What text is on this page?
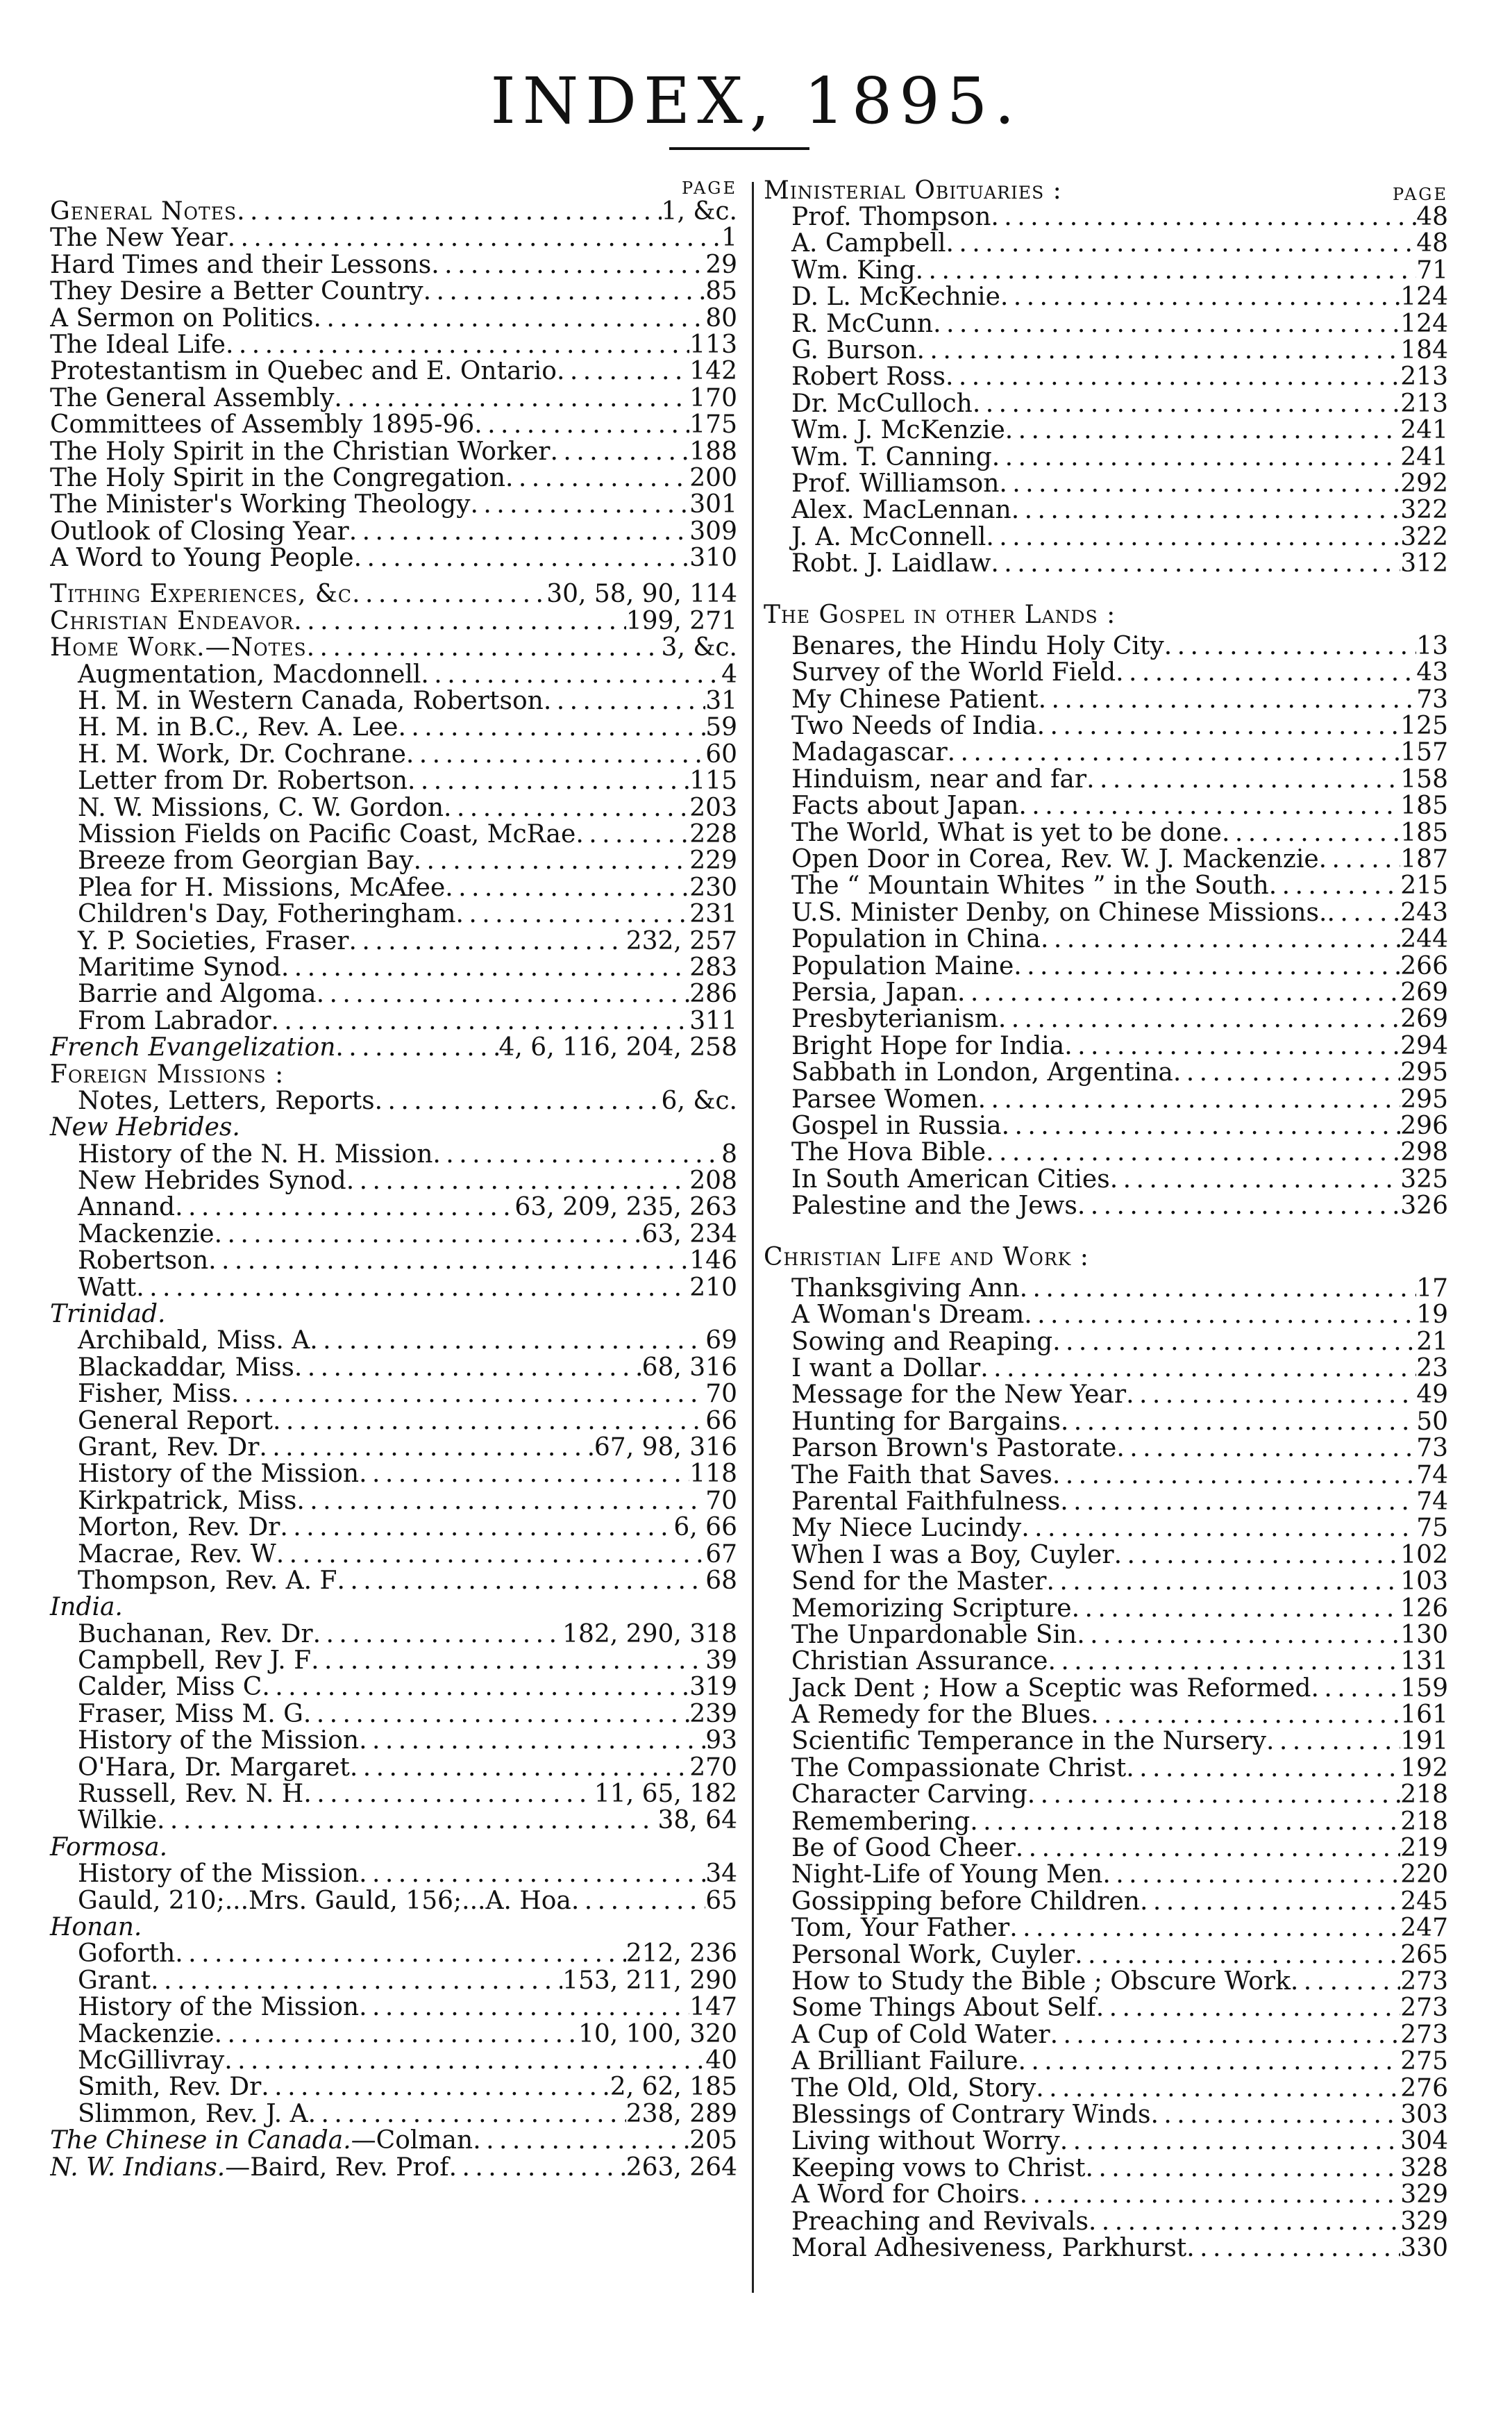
INDEX, 1895.
PAGE
General Notes . . .	1, &c.
The New Year . . .	1
Hard Times and their Lessons . . .	29
They Desire a Better Country . . .	85
A Sermon on Politics . . .	80
The Ideal Life . . .	113
Protestantism in Quebec and E. Ontario . . .	142
The General Assembly . . .	170
Committees of Assembly 1895-96 . . .	175
The Holy Spirit in the Christian Worker . . .	188
The Holy Spirit in the Congregation . . .	200
The Minister's Working Theology . . .	301
Outlook of Closing Year . . .	309
A Word to Young People . . .	310
Tithing Experiences, &c . . .	30, 58, 90, 114
Christian Endeavor . . .	199, 271
Home Work.—Notes . . .	3, &c.
Augmentation, Macdonnell . . .	4
H. M. in Western Canada, Robertson . . .	31
H. M. in B.C., Rev. A. Lee . . .	59
H. M. Work, Dr. Cochrane . . .	60
Letter from Dr. Robertson . . .	115
N. W. Missions, C. W. Gordon . . .	203
Mission Fields on Pacific Coast, McRae . . .	228
Breeze from Georgian Bay . . .	229
Plea for H. Missions, McAfee . . .	230
Children's Day, Fotheringham . . .	231
Y. P. Societies, Fraser . . .	232, 257
Maritime Synod . . .	283
Barrie and Algoma . . .	286
From Labrador . . .	311
French Evangelization . . .	4, 6, 116, 204, 258
Foreign Missions :
Notes, Letters, Reports . . .	6, &c.
New Hebrides.
History of the N. H. Mission . . .	8
New Hebrides Synod . . .	208
Annand . . .	63, 209, 235, 263
Mackenzie . . .	63, 234
Robertson . . .	146
Watt . . .	210
Trinidad.
Archibald, Miss. A . . .	69
Blackaddar, Miss . . .	68, 316
Fisher, Miss . . .	70
General Report . . .	66
Grant, Rev. Dr . . .	67, 98, 316
History of the Mission . . .	118
Kirkpatrick, Miss . . .	70
Morton, Rev. Dr . . .	6, 66
Macrae, Rev. W . . .	67
Thompson, Rev. A. F . . .	68
India.
Buchanan, Rev. Dr . . .	182, 290, 318
Campbell, Rev J. F . . .	39
Calder, Miss C . . .	319
Fraser, Miss M. G . . .	239
History of the Mission . . .	93
O'Hara, Dr. Margaret . . .	270
Russell, Rev. N. H . . .	11, 65, 182
Wilkie . . .	38, 64
Formosa.
History of the Mission . . .	34
Gauld, 210;...Mrs. Gauld, 156;...A. Hoa . . .	65
Honan.
Goforth . . .	212, 236
Grant . . .	153, 211, 290
History of the Mission . . .	147
Mackenzie . . .	10, 100, 320
McGillivray . . .	40
Smith, Rev. Dr . . .	2, 62, 185
Slimmon, Rev. J. A . . .	238, 289
The Chinese in Canada.—Colman . . .	205
N. W. Indians.—Baird, Rev. Prof . . .	263, 264
Ministerial Obituaries :	PAGE
Prof. Thompson . . .	48
A. Campbell . . .	48
Wm. King . . .	71
D. L. McKechnie . . .	124
R. McCunn . . .	124
G. Burson . . .	184
Robert Ross . . .	213
Dr. McCulloch . . .	213
Wm. J. McKenzie . . .	241
Wm. T. Canning . . .	241
Prof. Williamson . . .	292
Alex. MacLennan . . .	322
J. A. McConnell . . .	322
Robt. J. Laidlaw . . .	312
The Gospel in other Lands :
Benares, the Hindu Holy City . . .	13
Survey of the World Field . . .	43
My Chinese Patient . . .	73
Two Needs of India . . .	125
Madagascar . . .	157
Hinduism, near and far . . .	158
Facts about Japan . . .	185
The World, What is yet to be done . . .	185
Open Door in Corea, Rev. W. J. Mackenzie . . .	187
The “ Mountain Whites ” in the South . . .	215
U.S. Minister Denby, on Chinese Missions. . . .	243
Population in China . . .	244
Population Maine . . .	266
Persia, Japan . . .	269
Presbyterianism . . .	269
Bright Hope for India . . .	294
Sabbath in London, Argentina . . .	295
Parsee Women . . .	295
Gospel in Russia . . .	296
The Hova Bible . . .	298
In South American Cities . . .	325
Palestine and the Jews . . .	326
Christian Life and Work :
Thanksgiving Ann . . .	17
A Woman's Dream . . .	19
Sowing and Reaping . . .	21
I want a Dollar . . .	23
Message for the New Year . . .	49
Hunting for Bargains . . .	50
Parson Brown's Pastorate . . .	73
The Faith that Saves . . .	74
Parental Faithfulness . . .	74
My Niece Lucindy . . .	75
When I was a Boy, Cuyler . . .	102
Send for the Master . . .	103
Memorizing Scripture . . .	126
The Unpardonable Sin . . .	130
Christian Assurance . . .	131
Jack Dent ; How a Sceptic was Reformed . . .	159
A Remedy for the Blues . . .	161
Scientific Temperance in the Nursery . . .	191
The Compassionate Christ . . .	192
Character Carving . . .	218
Remembering . . .	218
Be of Good Cheer . . .	219
Night-Life of Young Men . . .	220
Gossipping before Children . . .	245
Tom, Your Father . . .	247
Personal Work, Cuyler . . .	265
How to Study the Bible ; Obscure Work . . .	273
Some Things About Self . . .	273
A Cup of Cold Water . . .	273
A Brilliant Failure . . .	275
The Old, Old, Story . . .	276
Blessings of Contrary Winds . . .	303
Living without Worry . . .	304
Keeping vows to Christ . . .	328
A Word for Choirs . . .	329
Preaching and Revivals . . .	329
Moral Adhesiveness, Parkhurst . . .	330
